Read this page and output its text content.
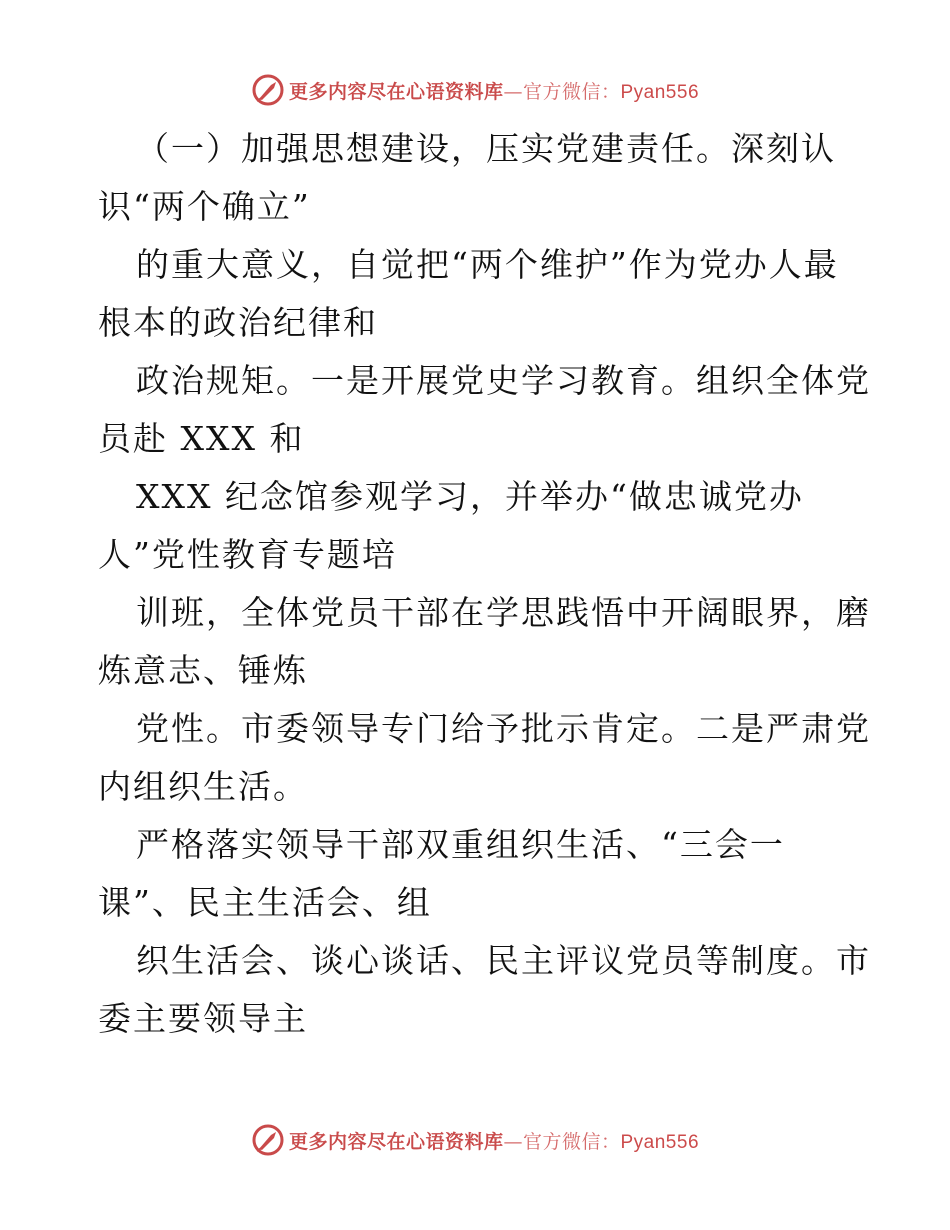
更多内容尽在心语资料库—官方微信：Pyan556
（一）加强思想建设，压实党建责任。深刻认
识“两个确立”
的重大意义，自觉把“两个维护”作为党办人最
根本的政治纪律和
政治规矩。一是开展党史学习教育。组织全体党
员赴 XXX 和
XXX 纪念馆参观学习，并举办“做忠诚党办
人”党性教育专题培
训班，全体党员干部在学思践悟中开阔眼界，磨
炼意志、锤炼
党性。市委领导专门给予批示肯定。二是严肃党
内组织生活。
严格落实领导干部双重组织生活、“三会一
课”、民主生活会、组
织生活会、谈心谈话、民主评议党员等制度。市
委主要领导主
更多内容尽在心语资料库—官方微信：Pyan556
